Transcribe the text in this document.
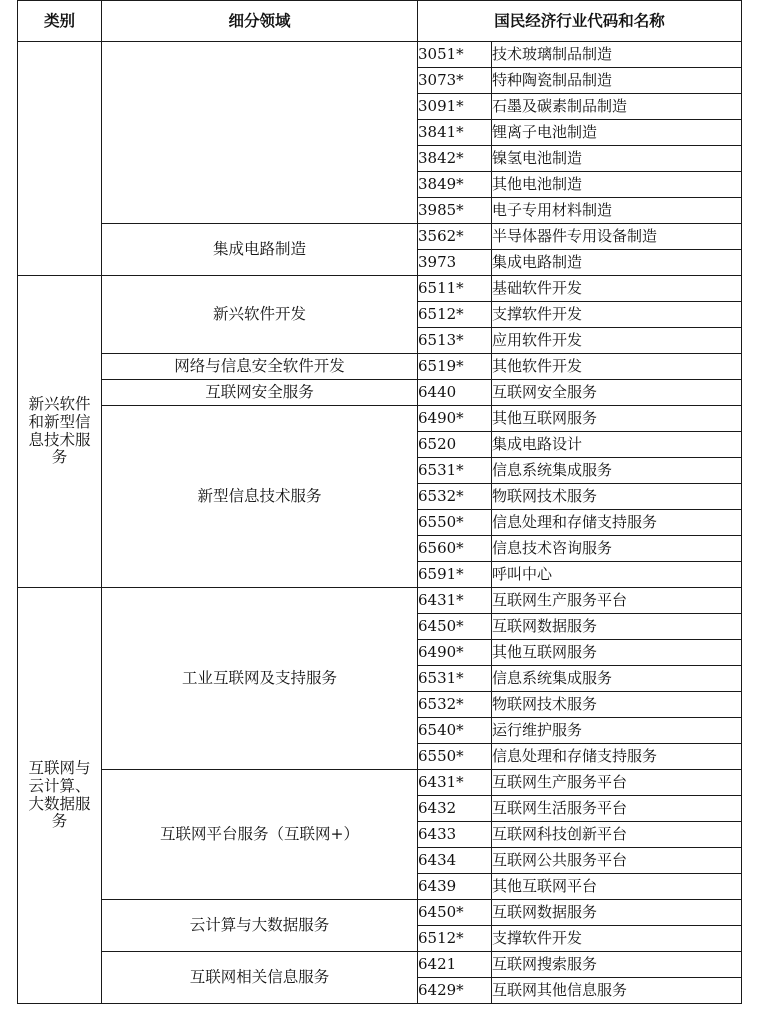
类别	细分领域	国民经济行业代码和名称	
		3051*	技术玻璃制品制造
		3073*	特种陶瓷制品制造
		3091*	石墨及碳素制品制造
		3841*	锂离子电池制造
		3842*	镍氢电池制造
		3849*	其他电池制造
		3985*	电子专用材料制造
	集成电路制造	3562*	半导体器件专用设备制造
		3973	集成电路制造
新兴软件和新型信息技术服务	新兴软件开发	6511*	基础软件开发
		6512*	支撑软件开发
		6513*	应用软件开发
	网络与信息安全软件开发	6519*	其他软件开发
	互联网安全服务	6440	互联网安全服务
	新型信息技术服务	6490*	其他互联网服务
		6520	集成电路设计
		6531*	信息系统集成服务
		6532*	物联网技术服务
		6550*	信息处理和存储支持服务
		6560*	信息技术咨询服务
		6591*	呼叫中心
互联网与云计算、大数据服务	工业互联网及支持服务	6431*	互联网生产服务平台
		6450*	互联网数据服务
		6490*	其他互联网服务
		6531*	信息系统集成服务
		6532*	物联网技术服务
		6540*	运行维护服务
		6550*	信息处理和存储支持服务
	互联网平台服务（互联网+）	6431*	互联网生产服务平台
		6432	互联网生活服务平台
		6433	互联网科技创新平台
		6434	互联网公共服务平台
		6439	其他互联网平台
	云计算与大数据服务	6450*	互联网数据服务
		6512*	支撑软件开发
	互联网相关信息服务	6421	互联网搜索服务
		6429*	互联网其他信息服务
